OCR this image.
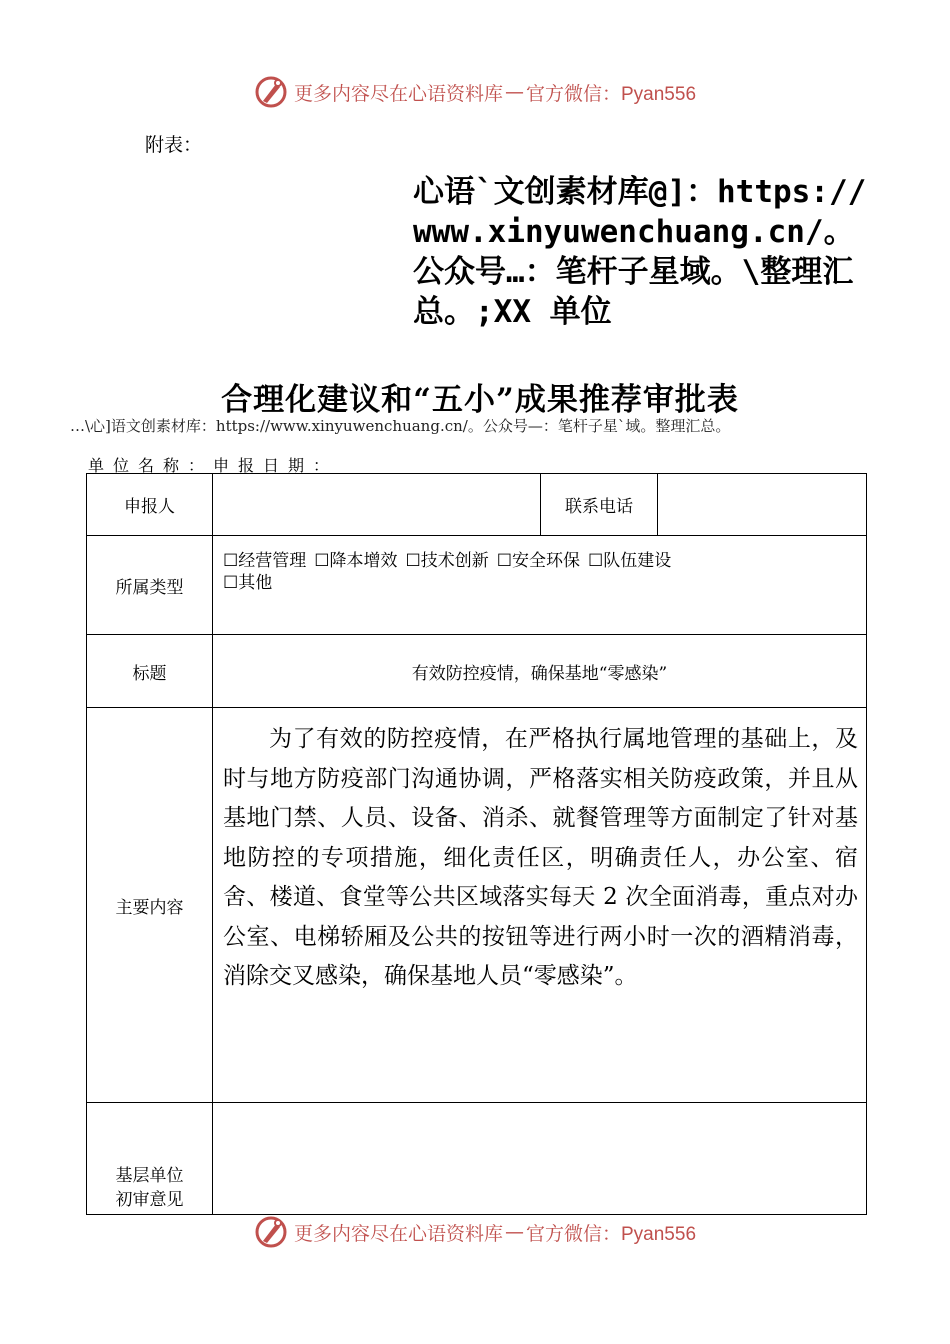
更多内容尽在心语资料库 — 官方微信：Pyan556
附表：
心语`文创素材库@]：https://www.xinyuwenchuang.cn/。公众号…：笔杆子星域。\整理汇总。;XX 单位
合理化建议和“五小”成果推荐审批表
…\心]语文创素材库：https://www.xinyuwenchuang.cn/。公众号—：笔杆子星`域。整理汇总。
单位名称：申报日期：
申报人		联系电话	
所属类型	☐经营管理 ☐降本增效 ☐技术创新 ☐安全环保 ☐队伍建设
☐其他		
标题	有效防控疫情，确保基地“零感染”		
主要内容	为了有效的防控疫情，在严格执行属地管理的基础上，及时与地方防疫部门沟通协调，严格落实相关防疫政策，并且从基地门禁、人员、设备、消杀、就餐管理等方面制定了针对基地防控的专项措施，细化责任区，明确责任人，办公室、宿舍、楼道、食堂等公共区域落实每天 2 次全面消毒，重点对办公室、电梯轿厢及公共的按钮等进行两小时一次的酒精消毒，消除交叉感染，确保基地人员“零感染”。		

基层单位
初审意见			
更多内容尽在心语资料库 — 官方微信：Pyan556
